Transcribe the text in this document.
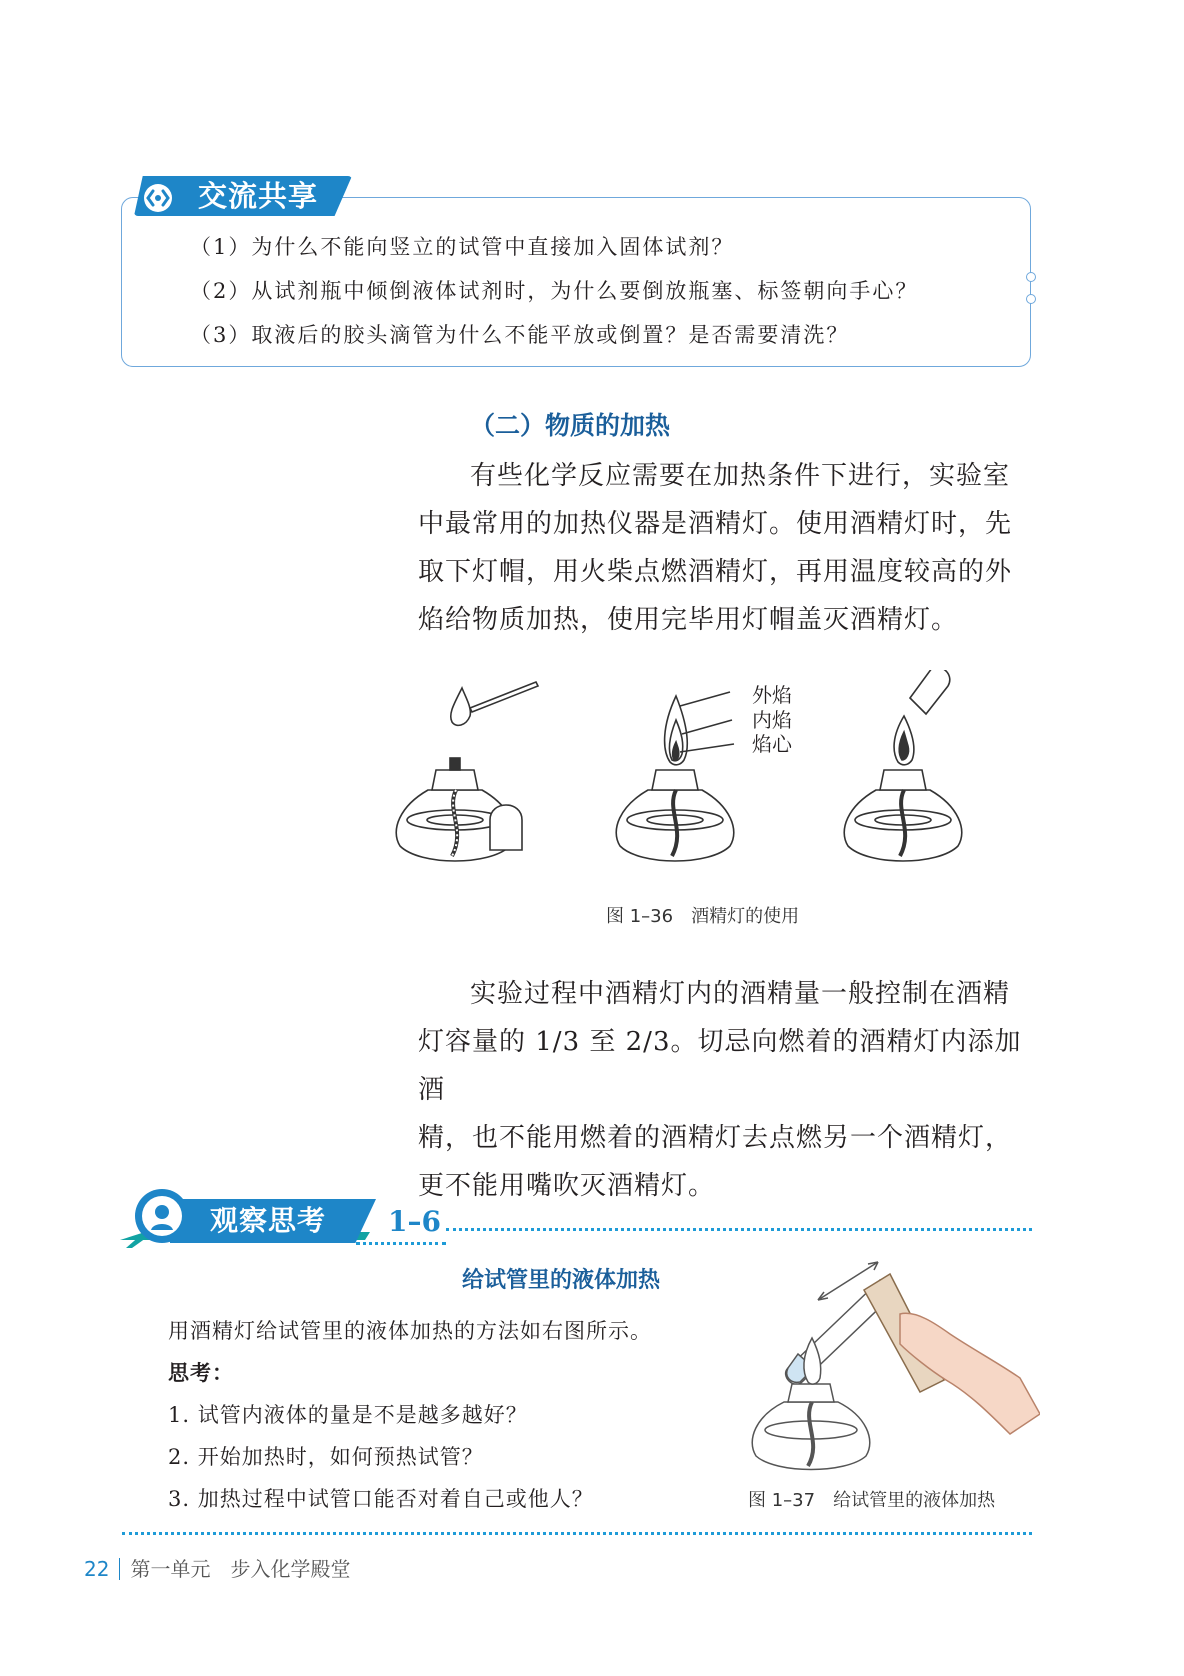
交流共享
（1）为什么不能向竖立的试管中直接加入固体试剂？
（2）从试剂瓶中倾倒液体试剂时，为什么要倒放瓶塞、标签朝向手心？
（3）取液后的胶头滴管为什么不能平放或倒置？是否需要清洗？
（二）物质的加热
有些化学反应需要在加热条件下进行，实验室
中最常用的加热仪器是酒精灯。使用酒精灯时，先
取下灯帽，用火柴点燃酒精灯，再用温度较高的外
焰给物质加热，使用完毕用灯帽盖灭酒精灯。
外焰
内焰
焰心
图 1–36　酒精灯的使用
实验过程中酒精灯内的酒精量一般控制在酒精
灯容量的 1/3 至 2/3。切忌向燃着的酒精灯内添加酒
精，也不能用燃着的酒精灯去点燃另一个酒精灯，
更不能用嘴吹灭酒精灯。
观察思考 1–6
给试管里的液体加热
用酒精灯给试管里的液体加热的方法如右图所示。
思考：
1. 试管内液体的量是不是越多越好？
2. 开始加热时，如何预热试管？
3. 加热过程中试管口能否对着自己或他人？	图 1–37　给试管里的液体加热
22 第一单元　步入化学殿堂
